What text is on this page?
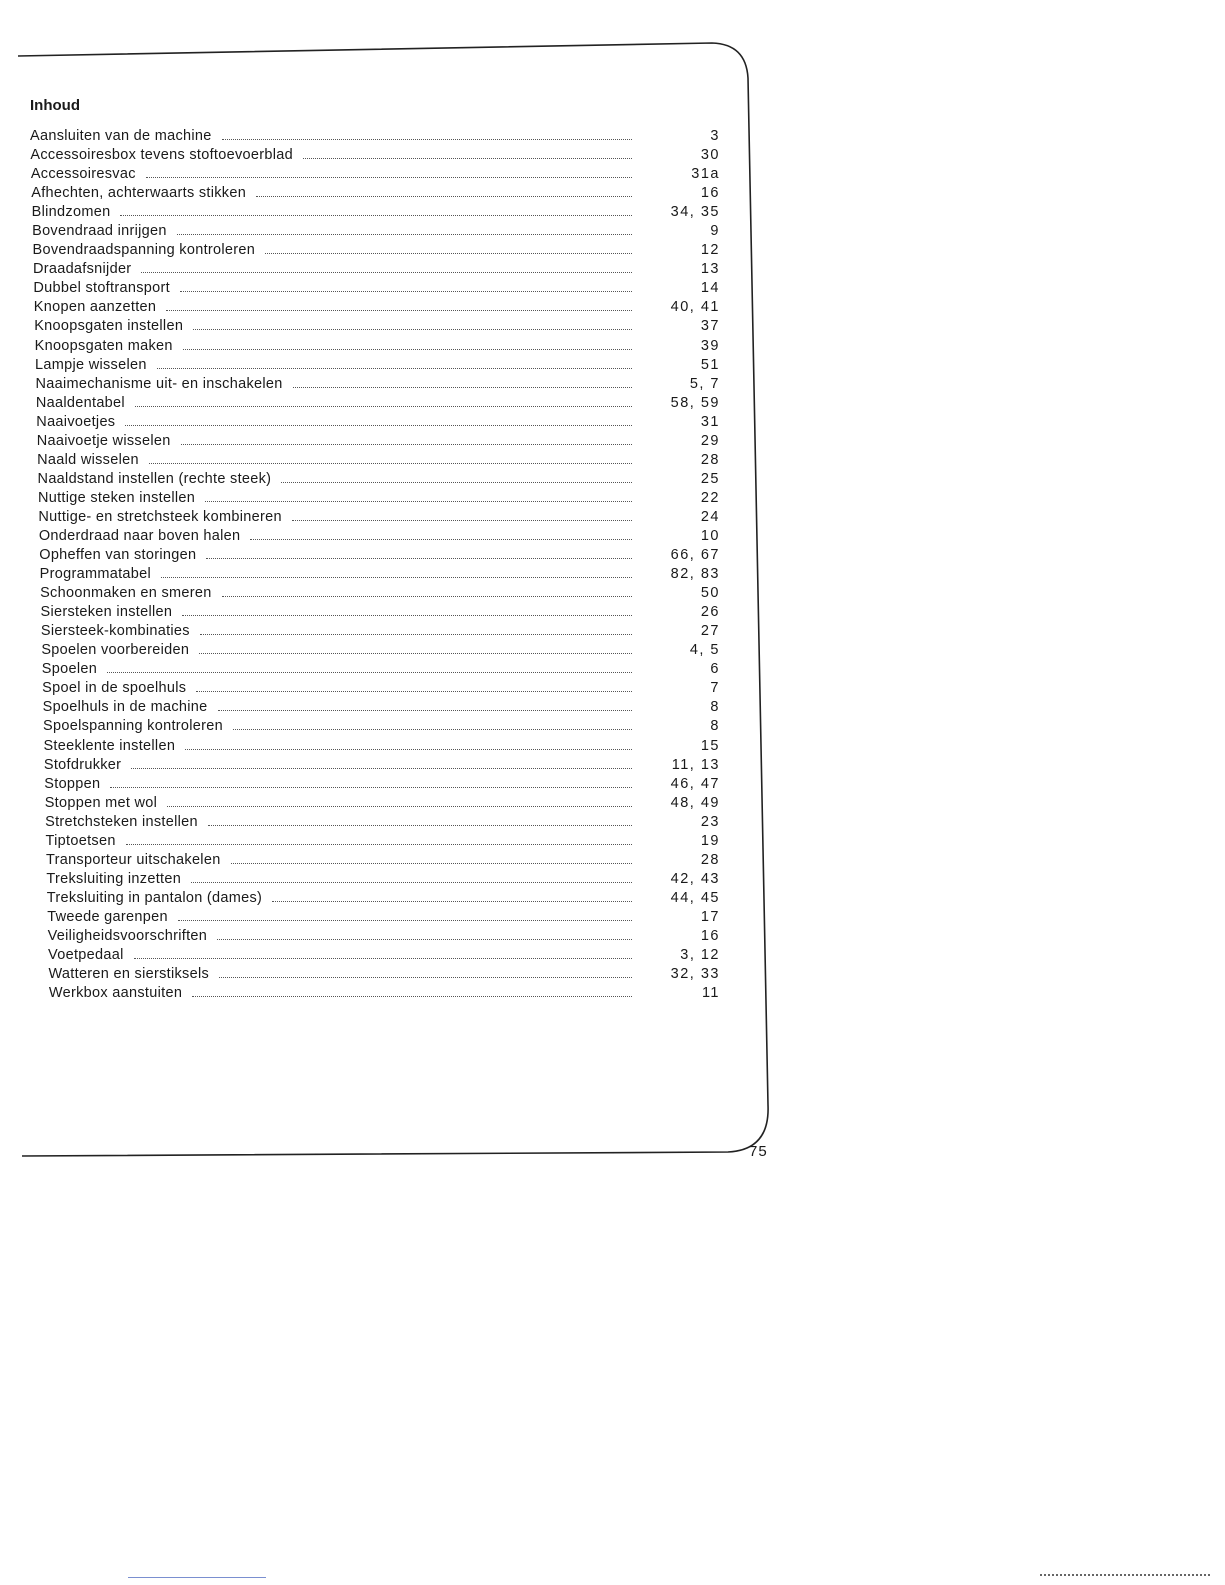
Inhoud
Aansluiten van de machine	3
Accessoiresbox tevens stoftoevoerblad	30
Accessoiresvac	31a
Afhechten, achterwaarts stikken	16
Blindzomen	34, 35
Bovendraad inrijgen	9
Bovendraadspanning kontroleren	12
Draadafsnijder	13
Dubbel stoftransport	14
Knopen aanzetten	40, 41
Knoopsgaten instellen	37
Knoopsgaten maken	39
Lampje wisselen	51
Naaimechanisme uit- en inschakelen	5, 7
Naaldentabel	58, 59
Naaivoetjes	31
Naaivoetje wisselen	29
Naald wisselen	28
Naaldstand instellen (rechte steek)	25
Nuttige steken instellen	22
Nuttige- en stretchsteek kombineren	24
Onderdraad naar boven halen	10
Opheffen van storingen	66, 67
Programmatabel	82, 83
Schoonmaken en smeren	50
Siersteken instellen	26
Siersteek-kombinaties	27
Spoelen voorbereiden	4, 5
Spoelen	6
Spoel in de spoelhuls	7
Spoelhuls in de machine	8
Spoelspanning kontroleren	8
Steeklente instellen	15
Stofdrukker	11, 13
Stoppen	46, 47
Stoppen met wol	48, 49
Stretchsteken instellen	23
Tiptoetsen	19
Transporteur uitschakelen	28
Treksluiting inzetten	42, 43
Treksluiting in pantalon (dames)	44, 45
Tweede garenpen	17
Veiligheidsvoorschriften	16
Voetpedaal	3, 12
Watteren en sierstiksels	32, 33
Werkbox aanstuiten	11
75
